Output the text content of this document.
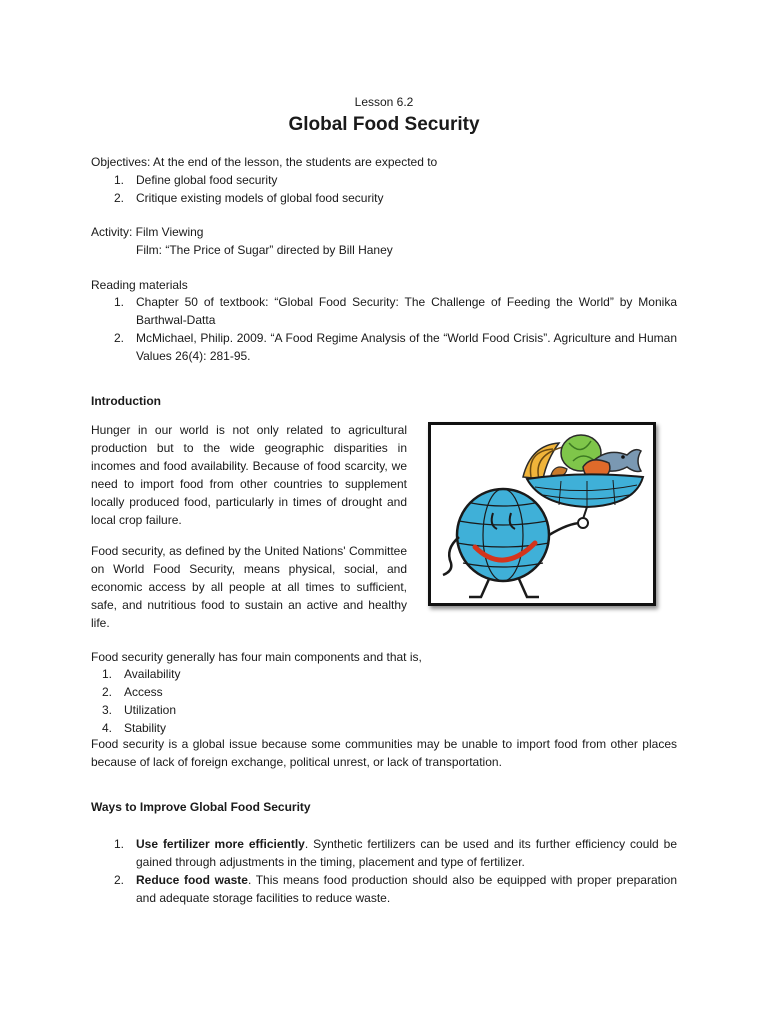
Lesson 6.2

Global Food Security

Objectives: At the end of the lesson, the students are expected to

1. Define global food security
2. Critique existing models of global food security

Activity: Film Viewing

Film: “The Price of Sugar” directed by Bill Haney

Reading materials

1. Chapter 50 of textbook: “Global Food Security: The Challenge of Feeding the World” by Monika Barthwal-Datta
2. McMichael, Philip. 2009. “A Food Regime Analysis of the “World Food Crisis”. Agriculture and Human Values 26(4): 281-95.

Introduction

Hunger in our world is not only related to agricultural production but to the wide geographic disparities in incomes and food availability. Because of food scarcity, we need to import food from other countries to supplement locally produced food, particularly in times of drought and local crop failure.

Food security, as defined by the United Nations' Committee on World Food Security, means physical, social, and economic access by all people at all times to sufficient, safe, and nutritious food to sustain an active and healthy life.

Food security generally has four main components and that is,

1. Availability
2. Access
3. Utilization
4. Stability

Food security is a global issue because some communities may be unable to import food from other places because of lack of foreign exchange, political unrest, or lack of transportation.

Ways to Improve Global Food Security

1. Use fertilizer more efficiently. Synthetic fertilizers can be used and its further efficiency could be gained through adjustments in the timing, placement and type of fertilizer.
2. Reduce food waste. This means food production should also be equipped with proper preparation and adequate storage facilities to reduce waste.
